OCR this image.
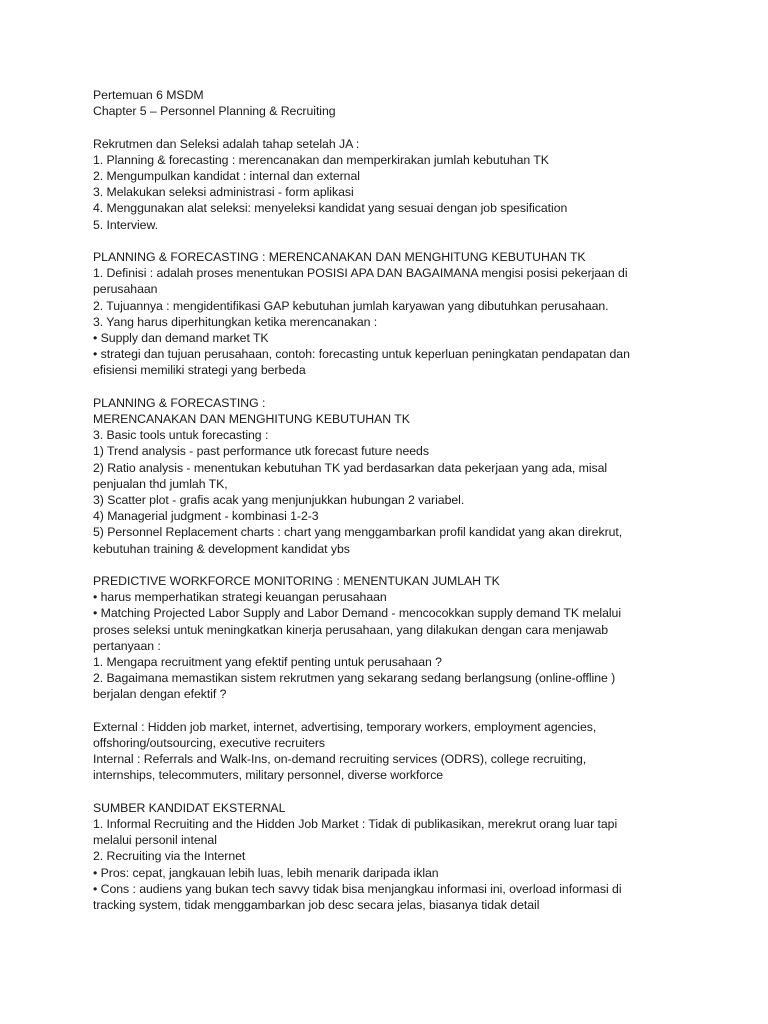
Pertemuan 6 MSDM

Chapter 5 – Personnel Planning & Recruiting

Rekrutmen dan Seleksi adalah tahap setelah JA :

1. Planning & forecasting : merencanakan dan memperkirakan jumlah kebutuhan TK

2. Mengumpulkan kandidat : internal dan external

3. Melakukan seleksi administrasi - form aplikasi

4. Menggunakan alat seleksi: menyeleksi kandidat yang sesuai dengan job spesification

5. Interview.

PLANNING & FORECASTING : MERENCANAKAN DAN MENGHITUNG KEBUTUHAN TK

1. Definisi : adalah proses menentukan POSISI APA DAN BAGAIMANA mengisi posisi pekerjaan di

perusahaan

2. Tujuannya : mengidentifikasi GAP kebutuhan jumlah karyawan yang dibutuhkan perusahaan.

3. Yang harus diperhitungkan ketika merencanakan :

• Supply dan demand market TK

• strategi dan tujuan perusahaan, contoh: forecasting untuk keperluan peningkatan pendapatan dan

efisiensi memiliki strategi yang berbeda

PLANNING & FORECASTING :

MERENCANAKAN DAN MENGHITUNG KEBUTUHAN TK

3. Basic tools untuk forecasting :

1) Trend analysis - past performance utk forecast future needs

2) Ratio analysis - menentukan kebutuhan TK yad berdasarkan data pekerjaan yang ada, misal

penjualan thd jumlah TK,

3) Scatter plot - grafis acak yang menjunjukkan hubungan 2 variabel.

4) Managerial judgment - kombinasi 1-2-3

5) Personnel Replacement charts : chart yang menggambarkan profil kandidat yang akan direkrut,

kebutuhan training & development kandidat ybs

PREDICTIVE WORKFORCE MONITORING : MENENTUKAN JUMLAH TK

• harus memperhatikan strategi keuangan perusahaan

• Matching Projected Labor Supply and Labor Demand - mencocokkan supply demand TK melalui

proses seleksi untuk meningkatkan kinerja perusahaan, yang dilakukan dengan cara menjawab

pertanyaan :

1. Mengapa recruitment yang efektif penting untuk perusahaan ?

2. Bagaimana memastikan sistem rekrutmen yang sekarang sedang berlangsung (online-offline )

berjalan dengan efektif ?

External : Hidden job market, internet, advertising, temporary workers, employment agencies,

offshoring/outsourcing, executive recruiters

Internal : Referrals and Walk-Ins, on-demand recruiting services (ODRS), college recruiting,

internships, telecommuters, military personnel, diverse workforce

SUMBER KANDIDAT EKSTERNAL

1. Informal Recruiting and the Hidden Job Market : Tidak di publikasikan, merekrut orang luar tapi

melalui personil intenal

2. Recruiting via the Internet

• Pros: cepat, jangkauan lebih luas, lebih menarik daripada iklan

• Cons : audiens yang bukan tech savvy tidak bisa menjangkau informasi ini, overload informasi di

tracking system, tidak menggambarkan job desc secara jelas, biasanya tidak detail
